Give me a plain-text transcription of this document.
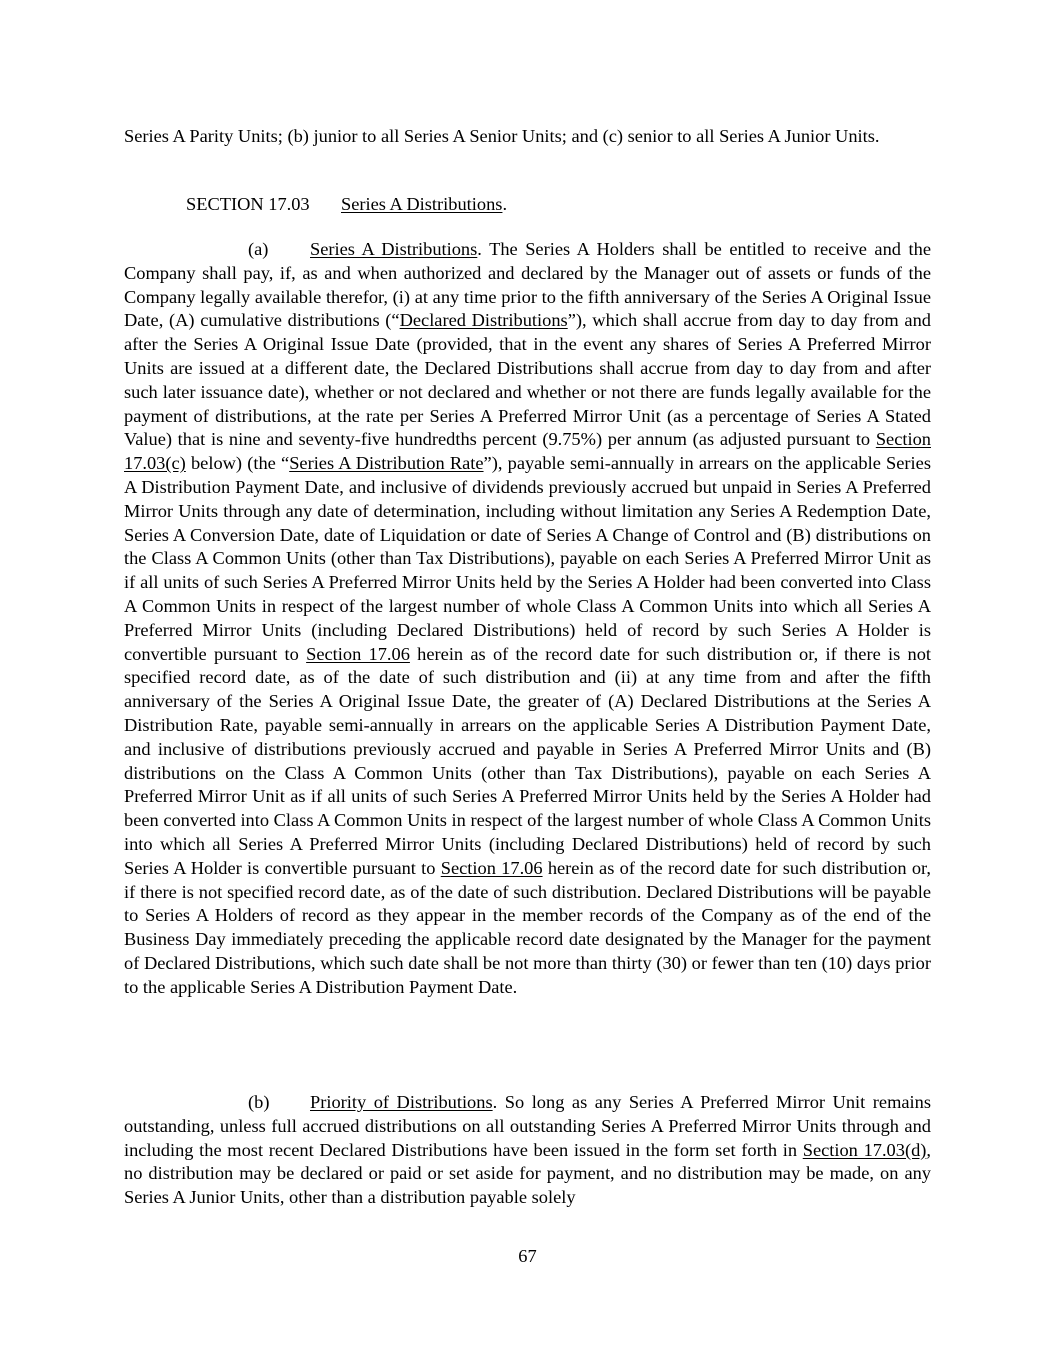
Series A Parity Units; (b) junior to all Series A Senior Units; and (c) senior to all Series A Junior Units.

SECTION 17.03 Series A Distributions.

(a) Series A Distributions. The Series A Holders shall be entitled to receive and the Company shall pay, if, as and when authorized and declared by the Manager out of assets or funds of the Company legally available therefor, (i) at any time prior to the fifth anniversary of the Series A Original Issue Date, (A) cumulative distributions (“Declared Distributions”), which shall accrue from day to day from and after the Series A Original Issue Date (provided, that in the event any shares of Series A Preferred Mirror Units are issued at a different date, the Declared Distributions shall accrue from day to day from and after such later issuance date), whether or not declared and whether or not there are funds legally available for the payment of distributions, at the rate per Series A Preferred Mirror Unit (as a percentage of Series A Stated Value) that is nine and seventy-five hundredths percent (9.75%) per annum (as adjusted pursuant to Section 17.03(c) below) (the “Series A Distribution Rate”), payable semi-annually in arrears on the applicable Series A Distribution Payment Date, and inclusive of dividends previously accrued but unpaid in Series A Preferred Mirror Units through any date of determination, including without limitation any Series A Redemption Date, Series A Conversion Date, date of Liquidation or date of Series A Change of Control and (B) distributions on the Class A Common Units (other than Tax Distributions), payable on each Series A Preferred Mirror Unit as if all units of such Series A Preferred Mirror Units held by the Series A Holder had been converted into Class A Common Units in respect of the largest number of whole Class A Common Units into which all Series A Preferred Mirror Units (including Declared Distributions) held of record by such Series A Holder is convertible pursuant to Section 17.06 herein as of the record date for such distribution or, if there is not specified record date, as of the date of such distribution and (ii) at any time from and after the fifth anniversary of the Series A Original Issue Date, the greater of (A) Declared Distributions at the Series A Distribution Rate, payable semi-annually in arrears on the applicable Series A Distribution Payment Date, and inclusive of distributions previously accrued and payable in Series A Preferred Mirror Units and (B) distributions on the Class A Common Units (other than Tax Distributions), payable on each Series A Preferred Mirror Unit as if all units of such Series A Preferred Mirror Units held by the Series A Holder had been converted into Class A Common Units in respect of the largest number of whole Class A Common Units into which all Series A Preferred Mirror Units (including Declared Distributions) held of record by such Series A Holder is convertible pursuant to Section 17.06 herein as of the record date for such distribution or, if there is not specified record date, as of the date of such distribution. Declared Distributions will be payable to Series A Holders of record as they appear in the member records of the Company as of the end of the Business Day immediately preceding the applicable record date designated by the Manager for the payment of Declared Distributions, which such date shall be not more than thirty (30) or fewer than ten (10) days prior to the applicable Series A Distribution Payment Date.

(b) Priority of Distributions. So long as any Series A Preferred Mirror Unit remains outstanding, unless full accrued distributions on all outstanding Series A Preferred Mirror Units through and including the most recent Declared Distributions have been issued in the form set forth in Section 17.03(d), no distribution may be declared or paid or set aside for payment, and no distribution may be made, on any Series A Junior Units, other than a distribution payable solely

67
